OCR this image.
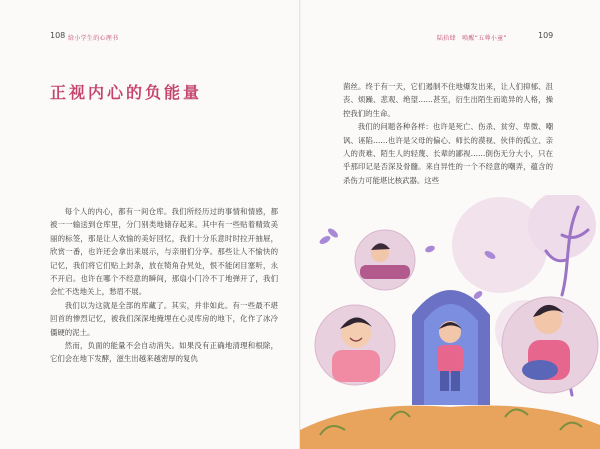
108 给小学生的心理书
正视内心的负能量

每个人的内心，都有一间仓库。我们所经历过的事情和情感，都被一一输送到仓库里，分门别类地储存起来。其中有一些贴着精致美丽的标签，那是让人欢愉的美好回忆，我们十分乐意时时拉开抽屉，欣赏一番，也许还会拿出来展示，与亲朋们分享。那些让人不愉快的记忆，我们将它们贴上封条，放在犄角旮旯处，恨不能闭目塞听，永不开启。也许在哪个不经意的瞬间，那扇小门冷不丁地弹开了，我们会忙不迭地关上，愁眉不展。

我们以为这就是全部的库藏了。其实，并非如此。有一些最不堪回首的惨烈记忆，被我们深深地掩埋在心灵库房的地下，化作了冰冷僵硬的泥土。

然而，负面的能量不会自动消失。如果没有正确地清理和根除，它们会在地下发酵，滋生出越来越密厚的复仇

陆拾肆　唤醒“五尊小童”	109

菌丝。终于有一天，它们遏制不住地爆发出来，让人们抑郁、沮丧、烦躁、悲观、绝望……甚至，衍生出陌生而诡异的人格，操控我们的生命。

我们的问题各种各样：也许是死亡、伤杀、贫穷、卑微、嘲讽、诬陷……也许是父母的偏心、师长的漠视、伙伴的孤立、亲人的责难、陌生人的轻蔑、长辈的鄙视……倒伤无分大小，只在乎那印记是否深及骨髓。来自异性的一个不经意的嘲弄，蕴含的杀伤力可能堪比核武器。这些
